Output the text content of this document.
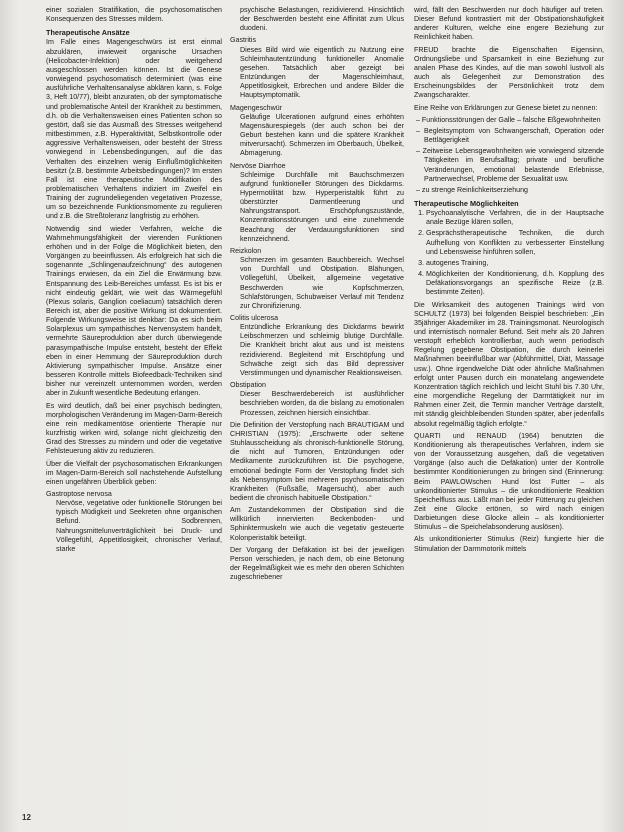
einer sozialen Stratifikation, die psychosomatischen Konsequenzen des Stresses mildern.

Therapeutische Ansätze

Im Falle eines Magengeschwürs ist erst einmal abzuklären, inwieweit organische Ursachen (Helicobacter-Infektion) oder weitgehend ausgeschlossen werden können. Ist die Genese vorwiegend psychosomatisch determiniert (was eine ausführliche Verhaltensanalyse abklären kann, s. Folge 3, Heft 10/77), bleibt anzuraten, ob der symptomatische und problematische Anteil der Krankheit zu bestimmen, d.h. ob die Verhaltensweisen eines Patienten schon so gestört, daß sie das Ausmaß des Stresses weitgehend mitbestimmen, z.B. Hyperaktivität, Selbstkontrolle oder aggressive Verhaltensweisen, oder besteht der Stress vorwiegend in Lebensbedingungen, auf die das Verhalten des einzelnen wenig Einflußmöglichkeiten besitzt (z.B. bestimmte Arbeitsbedingungen)? Im ersten Fall ist eine therapeutische Modifikation des problematischen Verhaltens indiziert im Zweifel ein Training der zugrundeliegenden vegetativen Prozesse, um so bezeichnende Funktionsmomente zu regulieren und z.B. die Streßtoleranz langfristig zu erhöhen.

Notwendig sind wieder Verfahren, welche die Wahrnehmungsfähigkeit der vierenden Funktionen erhöhen und in der Folge die Möglichkeit bieten, den Vorgängen zu beeinflussen. Als erfolgreich hat sich die sogenannte „Schlingenaufzeichnung“ des autogenen Trainings erwiesen, da ein Ziel die Erwärmung bzw. Entspannung des Leib-Bereiches umfasst. Es ist bis er nicht eindeutig geklärt, wie weit das Wärmegefühl (Plexus solaris, Ganglion coeliacum) tatsächlich deren Bereich ist, aber die positive Wirkung ist dokumentiert. Folgende Wirkungsweise ist denkbar: Da es sich beim Solarplexus um sympathisches Nervensystem handelt, vermehrte Säureproduktion aber durch überwiegende parasympathische Impulse entsteht, besteht der Effekt eben in einer Hemmung der Säureproduktion durch Aktivierung sympathischer Impulse. Ansätze einer besseren Kontrolle mittels Biofeedback-Techniken sind bisher nur vereinzelt unternommen worden, werden aber in Zukunft wesentliche Bedeutung erlangen.

Es wird deutlich, daß bei einer psychisch bedingten, morphologischen Veränderung im Magen-Darm-Bereich eine rein medikamentöse orientierte Therapie nur kurzfristig wirken wird, solange nicht gleichzeitig den Grad des Stresses zu mindern und oder die vegetative Fehlsteuerung aktiv zu reduzieren.

Über die Vielfalt der psychosomatischen Erkrankungen im Magen-Darm-Bereich soll nachstehende Aufstellung einen ungefähren Überblick geben:

Gastroptose nervosa
Nervöse, vegetative oder funktionelle Störungen bei typisch Müdigkeit und Seekreten ohne organischen Befund. Sodbrennen, Nahrungsmittelunverträglichkeit bei Druck- und Völlegefühl, Appetitlosigkeit, chronischer Verlauf, starke

psychische Belastungen, rezidivierend. Hinsichtlich der Beschwerden besteht eine Affinität zum Ulcus duodeni.

Gastritis
Dieses Bild wird wie eigentlich zu Nutzung eine Schleimhautentzündung funktioneller Anomalie gesehen. Tatsächlich aber gezeigt bei Entzündungen der Magenschleimhaut, Appetitlosigkeit, Erbrechen und andere Bilder die Hauptsymptomatik.
Magengeschwür
Geläufige Ulcerationen aufgrund eines erhöhten Magensäurespiegels (der auch schon bei der Geburt bestehen kann und die spätere Krankheit mitverursacht). Schmerzen im Oberbauch, Übelkeit, Abmagerung.
Nervöse Diarrhoe
Schleimige Durchfälle mit Bauchschmerzen aufgrund funktioneller Störungen des Dickdarms. Hypermotilität bzw. Hyperperistaltik führt zu überstürzter Darmentleerung und Nahrungstransport. Erschöpfungszustände, Konzentrationsstörungen und eine zunehmende Beachtung der Verdauungsfunktionen sind kennzeichnend.
Reizkolon
Schmerzen im gesamten Bauchbereich. Wechsel von Durchfall und Obstipation. Blähungen, Völlegefühl, Übelkeit, allgemeine vegetative Beschwerden wie Kopfschmerzen, Schlafstörungen, Schubweiser Verlauf mit Tendenz zur Chronifizierung.
Colitis ulcerosa
Entzündliche Erkrankung des Dickdarms bewirkt Leibschmerzen und schleimig blutige Durchfälle. Die Krankheit bricht akut aus und ist meistens rezidivierend. Begleitend mit Erschöpfung und Schwäche zeigt sich das Bild depressiver Verstimmungen und dynamischer Reaktionsweisen.
Obstipation
Dieser Beschwerdebereich ist ausführlicher beschrieben worden, da die bislang zu emotionalen Prozessen, zeichnen hiersich einsichtbar.

Die Definition der Verstopfung nach BRAUTIGAM und CHRISTIAN (1975): „Erschwerte oder seltene Stuhlausscheidung als chronisch-funktionelle Störung, die nicht auf Tumoren, Entzündungen oder Medikamente zurückzuführen ist. Die psychogene, emotional bedingte Form der Verstopfung findet sich als Nebensymptom bei mehreren psychosomatischen Krankheiten (Fußsäße, Magersucht), aber auch bedient die chronisch habituelle Obstipation.“

Am Zustandekommen der Obstipation sind die willkürlich innervierten Beckenboden- und Sphinktermuskeln wie auch die vegetativ gesteuerte Kolonperistaltik beteiligt.

Der Vorgang der Defäkation ist bei der jeweiligen Person verschieden, je nach dem, ob eine Betonung der Regelmäßigkeit wie es mehr den oberen Schichten zugeschriebener

wird, fällt den Beschwerden nur doch häufiger auf treten. Dieser Befund kontrastiert mit der Obstipationshäufigkeit anderer Kulturen, welche eine engere Beziehung zur Reinlichkeit haben.

FREUD brachte die Eigenschaften Eigensinn, Ordnungsliebe und Sparsamkeit in eine Beziehung zur analen Phase des Kindes, auf die man sowohl lustvoll als auch als Gelegenheit zur Demonstration des Erscheinungsbildes der Persönlichkeit trotz dem Zwangscharakter.

Eine Reihe von Erklärungen zur Genese bietet zu nennen:

– Funktionsstörungen der Galle – falsche Eßgewohnheiten
– Begleitsymptom von Schwangerschaft, Operation oder Bettlägerigkeit
– Zeitweise Lebensgewohnheiten wie vorwiegend sitzende Tätigkeiten im Berufsalltag; private und berufliche Veränderungen, emotional belastende Erlebnisse, Partnerwechsel, Probleme der Sexualität usw.
– zu strenge Reinlichkeitserziehung
Therapeutische Möglichkeiten
1. Psychoanalytische Verfahren, die in der Hauptsache anale Bezüge klären sollen,
2. Gesprächstherapeutische Techniken, die durch Aufhellung von Konflikten zu verbesserter Einstellung und Lebensweise hinführen sollen,
3. autogenes Training,
4. Möglichkeiten der Konditionierung, d.h. Kopplung des Defäkationsvorgangs an spezifische Reize (z.B. bestimmte Zeiten).

Die Wirksamkeit des autogenen Trainings wird von SCHULTZ (1973) bei folgenden Beispiel beschrieben: „Ein 35jähriger Akademiker im 28. Trainingsmonat. Neurologisch und internistisch normaler Befund. Seit mehr als 20 Jahren verstopft erheblich kontrollierbar, auch wenn periodisch Regelung gegebene Obstipation, die durch keinerlei Maßnahmen beeinflußbar war (Abführmittel, Diät, Massage usw.). Ohne irgendwelche Diät oder ähnliche Maßnahmen erfolgt unter Pausen durch ein monatelang angewendete Konzentration täglich reichlich und leicht Stuhl bis 7.30 Uhr, eine morgendliche Regelung der Darmtätigkeit nur im Rahmen einer Zeit, die Termin mancher Verträge darstellt, mit ständig gleichbleibenden Stunden später, aber jedenfalls absolut regelmäßig täglich erfolgte.“

QUARTI und RENAUD (1964) benutzten die Konditionierung als therapeutisches Verfahren, indem sie von der Voraussetzung ausgehen, daß die vegetativen Vorgänge (also auch die Defäkation) unter der Kontrolle bestimmter Konditionierungen zu bringen sind (Erinnerung: Beim PAWLOWschen Hund löst Futter – als unkonditionierter Stimulus – die unkonditionierte Reaktion Speichelfluss aus. Läßt man bei jeder Fütterung zu gleichen Zeit eine Glocke ertönen, so wird nach einigen Darbietungen diese Glocke allein – als konditionierter Stimulus – die Speichelabsonderung auslösen).

Als unkonditionierter Stimulus (Reiz) fungierte hier die Stimulation der Darmmotorik mittels

12
